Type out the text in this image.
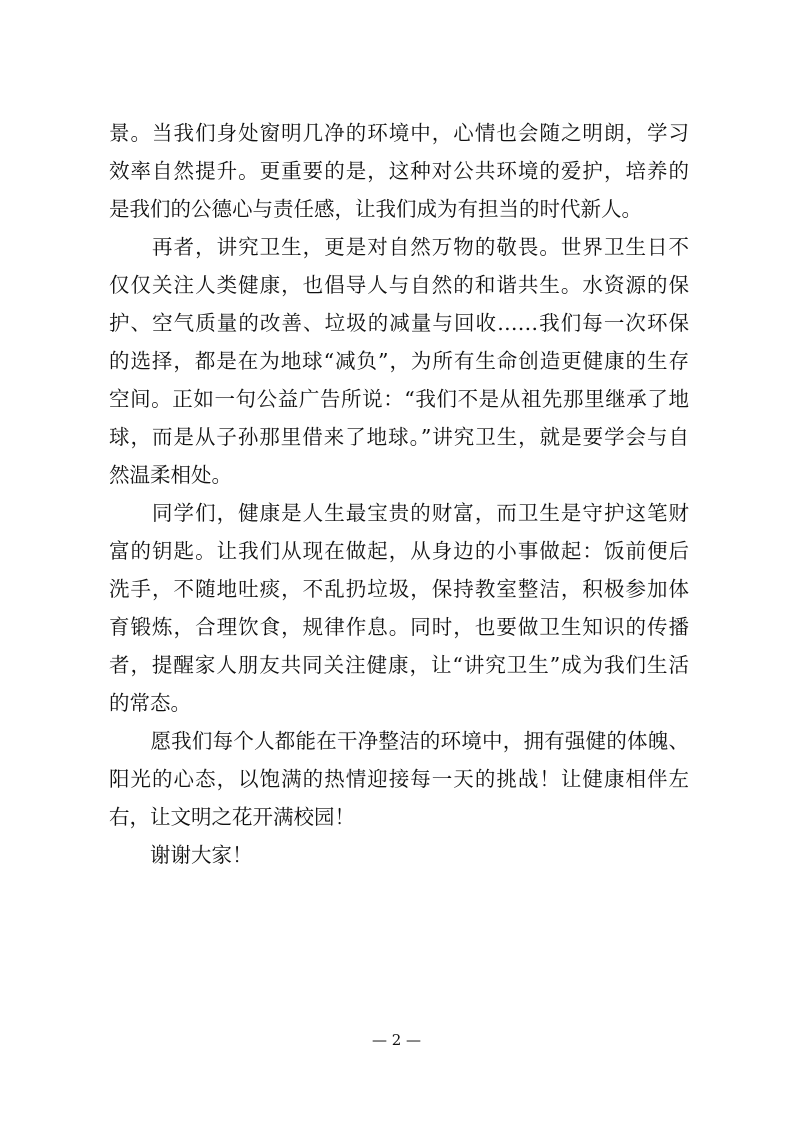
景。当我们身处窗明几净的环境中，心情也会随之明朗，学习
效率自然提升。更重要的是，这种对公共环境的爱护，培养的
是我们的公德心与责任感，让我们成为有担当的时代新人。
　　再者，讲究卫生，更是对自然万物的敬畏。世界卫生日不
仅仅关注人类健康，也倡导人与自然的和谐共生。水资源的保
护、空气质量的改善、垃圾的减量与回收……我们每一次环保
的选择，都是在为地球“减负”，为所有生命创造更健康的生存
空间。正如一句公益广告所说：“我们不是从祖先那里继承了地
球，而是从子孙那里借来了地球。”讲究卫生，就是要学会与自
然温柔相处。
　　同学们，健康是人生最宝贵的财富，而卫生是守护这笔财
富的钥匙。让我们从现在做起，从身边的小事做起：饭前便后
洗手，不随地吐痰，不乱扔垃圾，保持教室整洁，积极参加体
育锻炼，合理饮食，规律作息。同时，也要做卫生知识的传播
者，提醒家人朋友共同关注健康，让“讲究卫生”成为我们生活
的常态。
　　愿我们每个人都能在干净整洁的环境中，拥有强健的体魄、
阳光的心态，以饱满的热情迎接每一天的挑战！让健康相伴左
右，让文明之花开满校园！
　　谢谢大家！
— 2 —
